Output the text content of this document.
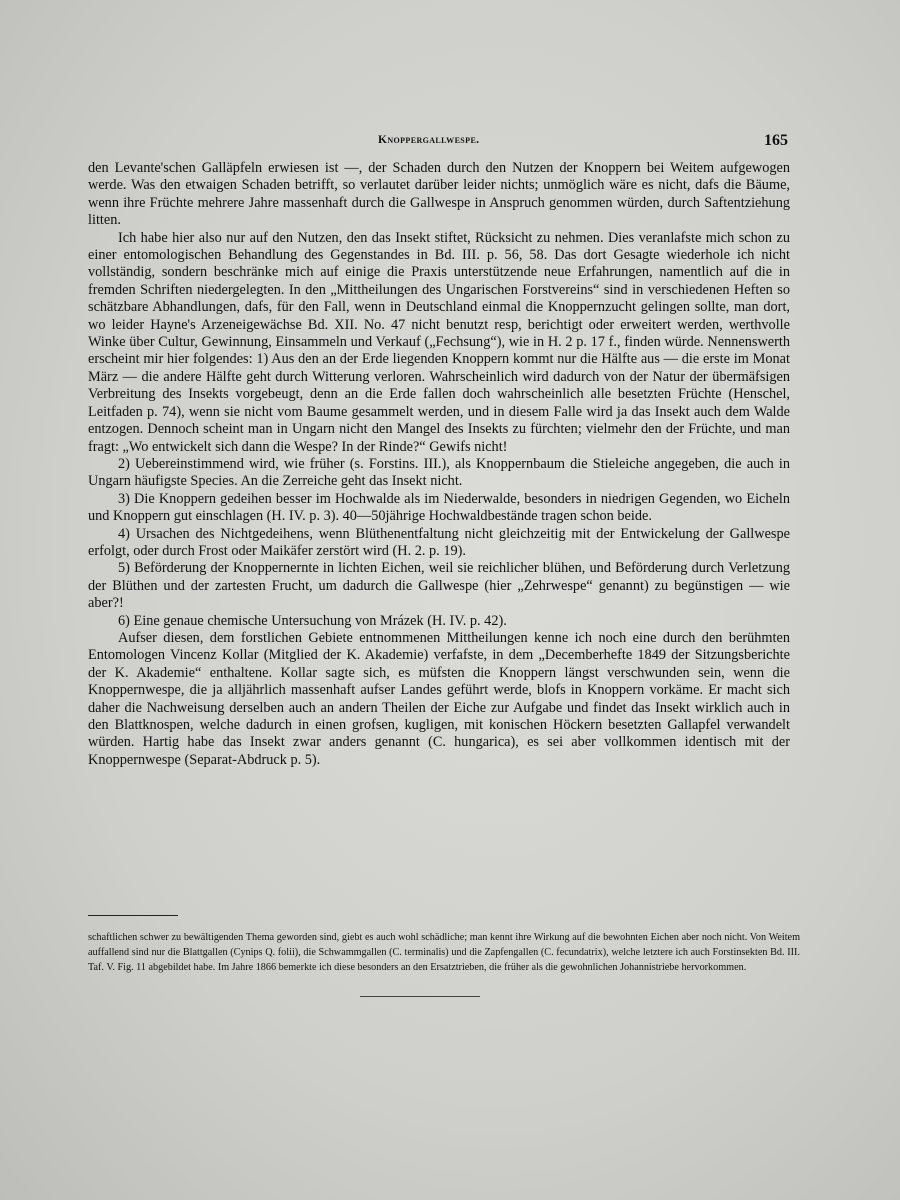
Knoppergallwespe.	165

den Levante'schen Galläpfeln erwiesen ist —, der Schaden durch den Nutzen der Knoppern bei Weitem aufgewogen werde. Was den etwaigen Schaden betrifft, so verlautet darüber leider nichts; unmöglich wäre es nicht, dafs die Bäume, wenn ihre Früchte mehrere Jahre massenhaft durch die Gallwespe in Anspruch genommen würden, durch Saftentziehung litten.

Ich habe hier also nur auf den Nutzen, den das Insekt stiftet, Rücksicht zu nehmen. Dies veranlafste mich schon zu einer entomologischen Behandlung des Gegenstandes in Bd. III. p. 56, 58. Das dort Gesagte wiederhole ich nicht vollständig, sondern beschränke mich auf einige die Praxis unterstützende neue Erfahrungen, namentlich auf die in fremden Schriften niedergelegten. In den „Mittheilungen des Ungarischen Forstvereins“ sind in verschiedenen Heften so schätzbare Abhandlungen, dafs, für den Fall, wenn in Deutschland einmal die Knoppernzucht gelingen sollte, man dort, wo leider Hayne's Arzeneigewächse Bd. XII. No. 47 nicht benutzt resp, berichtigt oder erweitert werden, werthvolle Winke über Cultur, Gewinnung, Einsammeln und Verkauf („Fechsung“), wie in H. 2 p. 17 f., finden würde. Nennenswerth erscheint mir hier folgendes: 1) Aus den an der Erde liegenden Knoppern kommt nur die Hälfte aus — die erste im Monat März — die andere Hälfte geht durch Witterung verloren. Wahrscheinlich wird dadurch von der Natur der übermäfsigen Verbreitung des Insekts vorgebeugt, denn an die Erde fallen doch wahrscheinlich alle besetzten Früchte (Henschel, Leitfaden p. 74), wenn sie nicht vom Baume gesammelt werden, und in diesem Falle wird ja das Insekt auch dem Walde entzogen. Dennoch scheint man in Ungarn nicht den Mangel des Insekts zu fürchten; vielmehr den der Früchte, und man fragt: „Wo entwickelt sich dann die Wespe? In der Rinde?“ Gewifs nicht!

2) Uebereinstimmend wird, wie früher (s. Forstins. III.), als Knoppernbaum die Stieleiche angegeben, die auch in Ungarn häufigste Species. An die Zerreiche geht das Insekt nicht.

3) Die Knoppern gedeihen besser im Hochwalde als im Niederwalde, besonders in niedrigen Gegenden, wo Eicheln und Knoppern gut einschlagen (H. IV. p. 3). 40—50jährige Hochwaldbestände tragen schon beide.

4) Ursachen des Nichtgedeihens, wenn Blüthenentfaltung nicht gleichzeitig mit der Entwickelung der Gallwespe erfolgt, oder durch Frost oder Maikäfer zerstört wird (H. 2. p. 19).

5) Beförderung der Knoppernernte in lichten Eichen, weil sie reichlicher blühen, und Beförderung durch Verletzung der Blüthen und der zartesten Frucht, um dadurch die Gallwespe (hier „Zehrwespe“ genannt) zu begünstigen — wie aber?!

6) Eine genaue chemische Untersuchung von Mrázek (H. IV. p. 42).

Aufser diesen, dem forstlichen Gebiete entnommenen Mittheilungen kenne ich noch eine durch den berühmten Entomologen Vincenz Kollar (Mitglied der K. Akademie) verfafste, in dem „Decemberhefte 1849 der Sitzungsberichte der K. Akademie“ enthaltene. Kollar sagte sich, es müfsten die Knoppern längst verschwunden sein, wenn die Knoppernwespe, die ja alljährlich massenhaft aufser Landes geführt werde, blofs in Knoppern vorkäme. Er macht sich daher die Nachweisung derselben auch an andern Theilen der Eiche zur Aufgabe und findet das Insekt wirklich auch in den Blattknospen, welche dadurch in einen grofsen, kugligen, mit konischen Höckern besetzten Gallapfel verwandelt würden. Hartig habe das Insekt zwar anders genannt (C. hungarica), es sei aber vollkommen identisch mit der Knoppernwespe (Separat-Abdruck p. 5).

schaftlichen schwer zu bewältigenden Thema geworden sind, giebt es auch wohl schädliche; man kennt ihre Wirkung auf die bewohnten Eichen aber noch nicht. Von Weitem auffallend sind nur die Blattgallen (Cynips Q. folii), die Schwammgallen (C. terminalis) und die Zapfengallen (C. fecundatrix), welche letztere ich auch Forstinsekten Bd. III. Taf. V. Fig. 11 abgebildet habe. Im Jahre 1866 bemerkte ich diese besonders an den Ersatztrieben, die früher als die gewohnlichen Johannistriebe hervorkommen.
